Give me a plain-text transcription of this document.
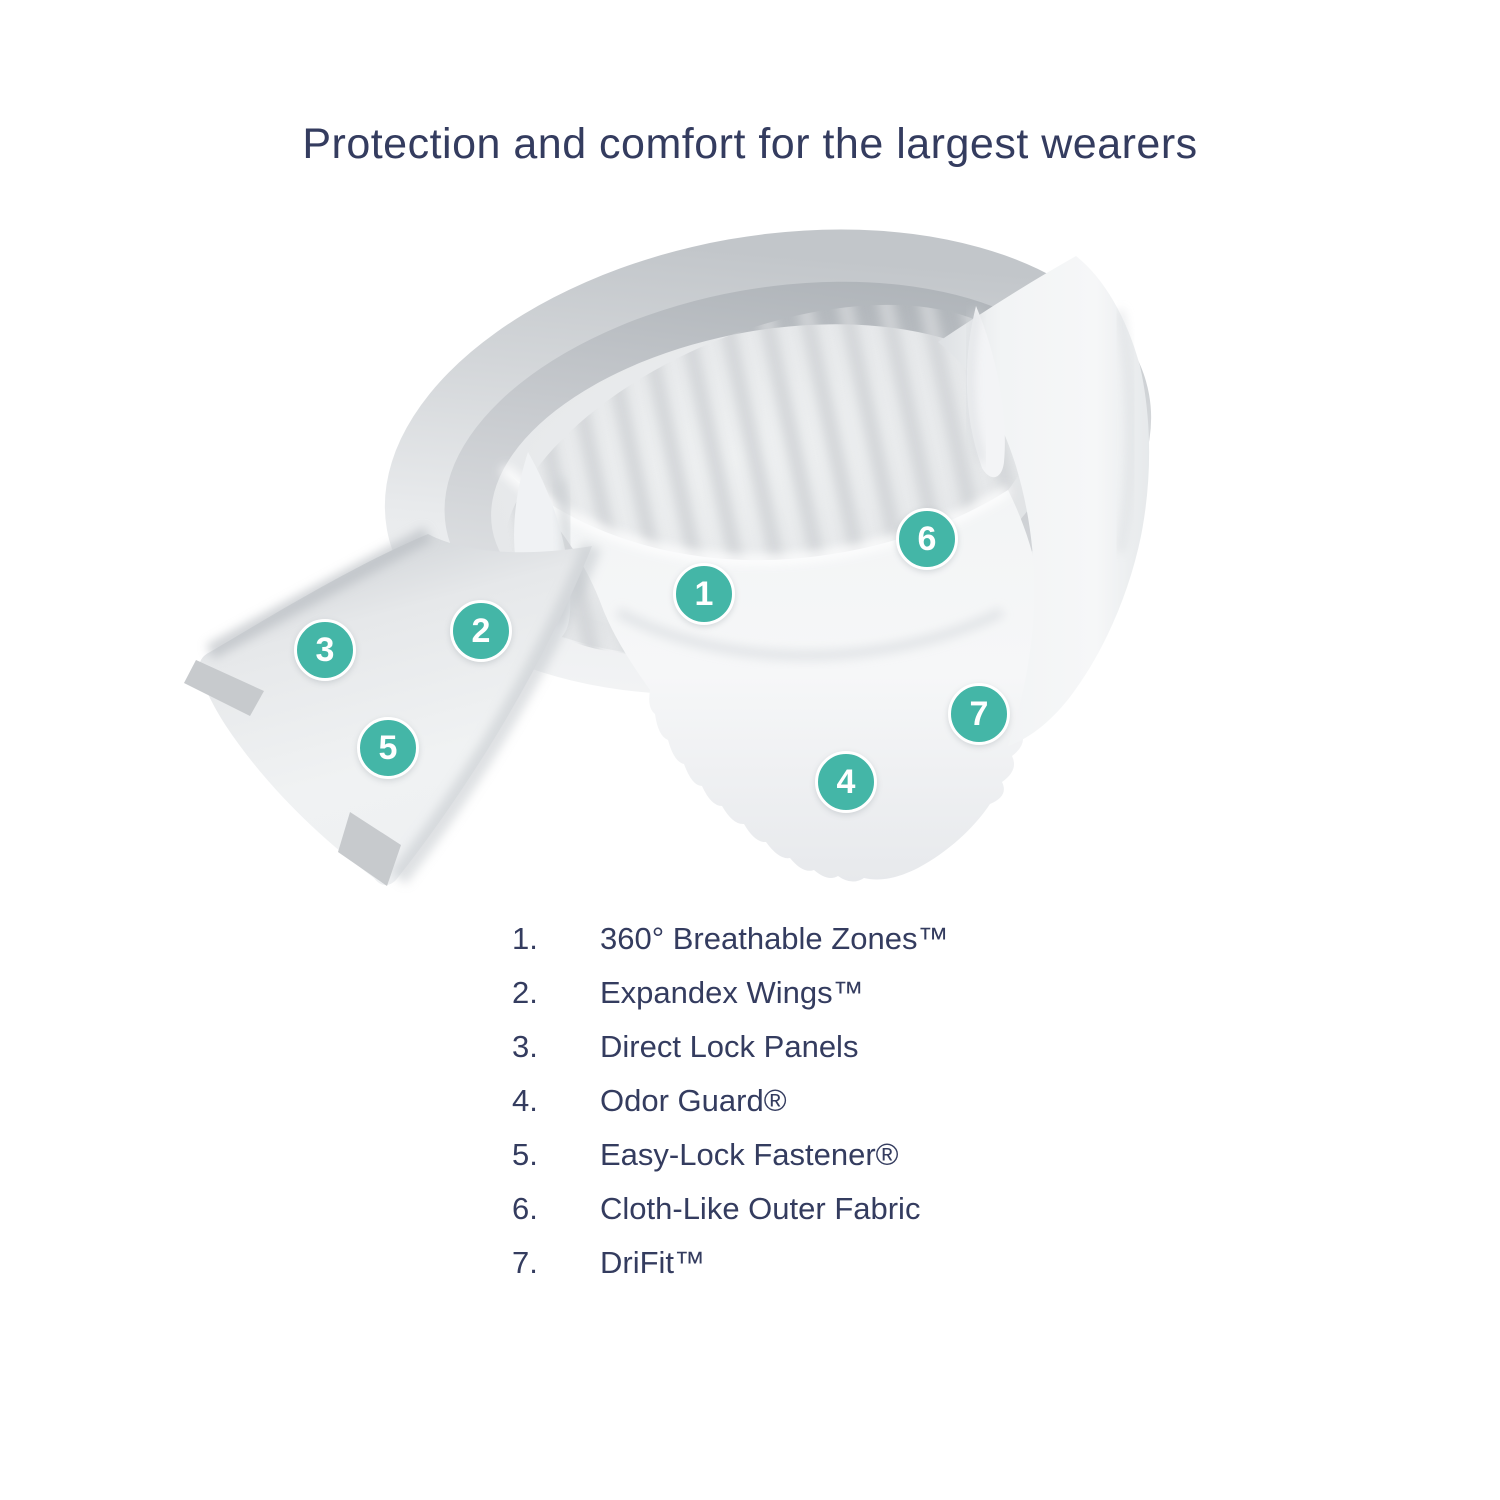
Protection and comfort for the largest wearers
1
2
3
4
5
6
7
1.	360° Breathable Zones™
2.	Expandex Wings™
3.	Direct Lock Panels
4.	Odor Guard®
5.	Easy-Lock Fastener®
6.	Cloth-Like Outer Fabric
7.	DriFit™
